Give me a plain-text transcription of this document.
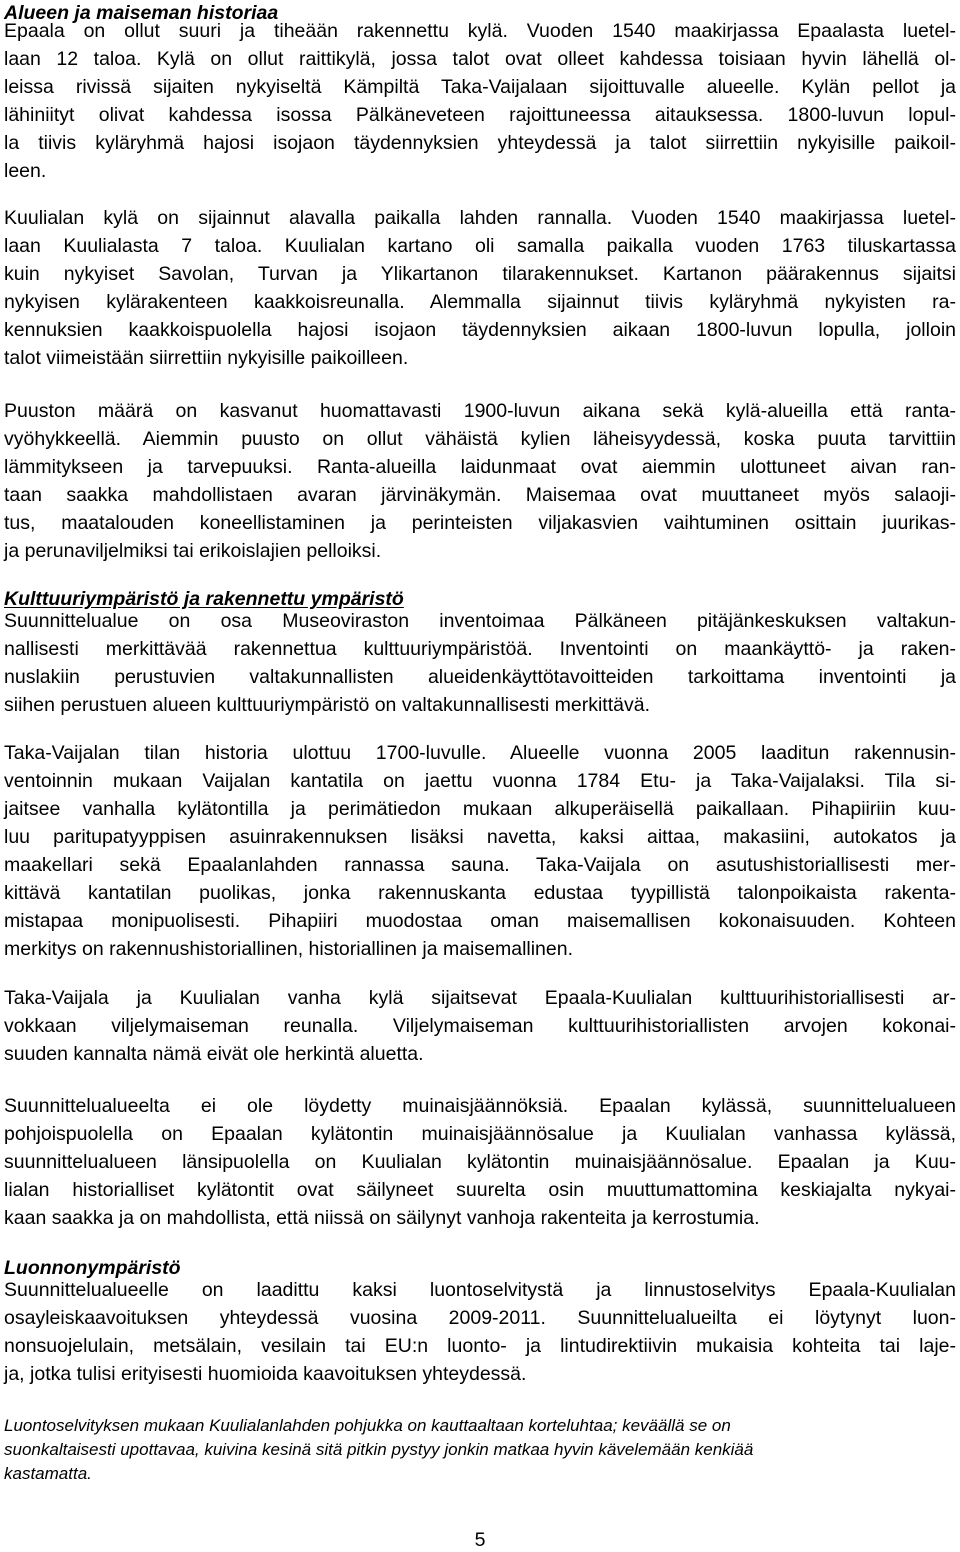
Alueen ja maiseman historiaa
Epaala on ollut suuri ja tiheään rakennettu kylä. Vuoden 1540 maakirjassa Epaalasta luetel-
laan 12 taloa. Kylä on ollut raittikylä, jossa talot ovat olleet kahdessa toisiaan hyvin lähellä ol-
leissa rivissä sijaiten nykyiseltä Kämpiltä Taka-Vaijalaan sijoittuvalle alueelle. Kylän pellot ja
lähiniityt olivat kahdessa isossa Pälkäneveteen rajoittuneessa aitauksessa. 1800-luvun lopul-
la tiivis kyläryhmä hajosi isojaon täydennyksien yhteydessä ja talot siirrettiin nykyisille paikoil-
leen.
Kuulialan kylä on sijainnut alavalla paikalla lahden rannalla. Vuoden 1540 maakirjassa luetel-
laan Kuulialasta 7 taloa. Kuulialan kartano oli samalla paikalla vuoden 1763 tiluskartassa
kuin nykyiset Savolan, Turvan ja Ylikartanon tilarakennukset. Kartanon päärakennus sijaitsi
nykyisen kylärakenteen kaakkoisreunalla. Alemmalla sijainnut tiivis kyläryhmä nykyisten ra-
kennuksien kaakkoispuolella hajosi isojaon täydennyksien aikaan 1800-luvun lopulla, jolloin
talot viimeistään siirrettiin nykyisille paikoilleen.
Puuston määrä on kasvanut huomattavasti 1900-luvun aikana sekä kylä-alueilla että ranta-
vyöhykkeellä. Aiemmin puusto on ollut vähäistä kylien läheisyydessä, koska puuta tarvittiin
lämmitykseen ja tarvepuuksi. Ranta-alueilla laidunmaat ovat aiemmin ulottuneet aivan ran-
taan saakka mahdollistaen avaran järvinäkymän. Maisemaa ovat muuttaneet myös salaoji-
tus, maatalouden koneellistaminen ja perinteisten viljakasvien vaihtuminen osittain juurikas-
ja perunaviljelmiksi tai erikoislajien pelloiksi.
Kulttuuriympäristö ja rakennettu ympäristö
Suunnittelualue on osa Museoviraston inventoimaa Pälkäneen pitäjänkeskuksen valtakun-
nallisesti merkittävää rakennettua kulttuuriympäristöä. Inventointi on maankäyttö- ja raken-
nuslakiin perustuvien valtakunnallisten alueidenkäyttötavoitteiden tarkoittama inventointi ja
siihen perustuen alueen kulttuuriympäristö on valtakunnallisesti merkittävä.
Taka-Vaijalan tilan historia ulottuu 1700-luvulle. Alueelle vuonna 2005 laaditun rakennusin-
ventoinnin mukaan Vaijalan kantatila on jaettu vuonna 1784 Etu- ja Taka-Vaijalaksi. Tila si-
jaitsee vanhalla kylätontilla ja perimätiedon mukaan alkuperäisellä paikallaan. Pihapiiriin kuu-
luu paritupatyyppisen asuinrakennuksen lisäksi navetta, kaksi aittaa, makasiini, autokatos ja
maakellari sekä Epaalanlahden rannassa sauna. Taka-Vaijala on asutushistoriallisesti mer-
kittävä kantatilan puolikas, jonka rakennuskanta edustaa tyypillistä talonpoikaista rakenta-
mistapaa monipuolisesti. Pihapiiri muodostaa oman maisemallisen kokonaisuuden. Kohteen
merkitys on rakennushistoriallinen, historiallinen ja maisemallinen.
Taka-Vaijala ja Kuulialan vanha kylä sijaitsevat Epaala-Kuulialan kulttuurihistoriallisesti ar-
vokkaan viljelymaiseman reunalla. Viljelymaiseman kulttuurihistoriallisten arvojen kokonai-
suuden kannalta nämä eivät ole herkintä aluetta.
Suunnittelualueelta ei ole löydetty muinaisjäännöksiä. Epaalan kylässä, suunnittelualueen
pohjoispuolella on Epaalan kylätontin muinaisjäännösalue ja Kuulialan vanhassa kylässä,
suunnittelualueen länsipuolella on Kuulialan kylätontin muinaisjäännösalue. Epaalan ja Kuu-
lialan historialliset kylätontit ovat säilyneet suurelta osin muuttumattomina keskiajalta nykyai-
kaan saakka ja on mahdollista, että niissä on säilynyt vanhoja rakenteita ja kerrostumia.
Luonnonympäristö
Suunnittelualueelle on laadittu kaksi luontoselvitystä ja linnustoselvitys Epaala-Kuulialan
osayleiskaavoituksen yhteydessä vuosina 2009-2011. Suunnittelualueilta ei löytynyt luon-
nonsuojelulain, metsälain, vesilain tai EU:n luonto- ja lintudirektiivin mukaisia kohteita tai laje-
ja, jotka tulisi erityisesti huomioida kaavoituksen yhteydessä.
Luontoselvityksen mukaan Kuulialanlahden pohjukka on kauttaaltaan korteluhtaa; keväällä se on
suonkaltaisesti upottavaa, kuivina kesinä sitä pitkin pystyy jonkin matkaa hyvin kävelemään kenkiää
kastamatta.
5
